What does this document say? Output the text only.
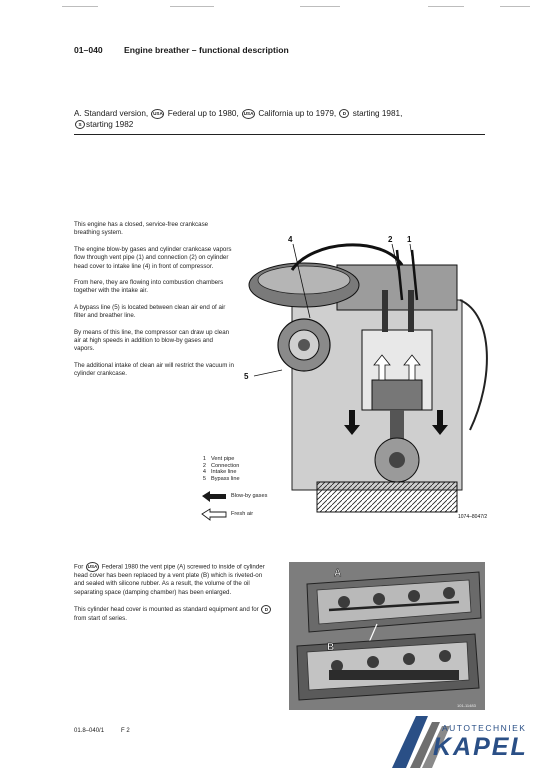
01–040 Engine breather – functional description
A. Standard version, USA Federal up to 1980, USA California up to 1979, D starting 1981,
S starting 1982

This engine has a closed, service-free crankcase breathing system.

The engine blow-by gases and cylinder crankcase vapors flow through vent pipe (1) and connection (2) on cylinder head cover to intake line (4) in front of compressor.

From here, they are flowing into combustion chambers together with the intake air.

A bypass line (5) is located between clean air end of air filter and breather line.

By means of this line, the compressor can draw up clean air at high speeds in addition to blow-by gases and vapors.

The additional intake of clean air will restrict the vacuum in cylinder crankcase.

1 Vent pipe
2 Connection
4 Intake line
5 Bypass line
Blow-by gases
Fresh air
4	2 1
5
1074–8047/2

For USA Federal 1980 the vent pipe (A) screwed to inside of cylinder head cover has been replaced by a vent plate (B) which is riveted-on and sealed with silicone rubber. As a result, the volume of the oil separating space (damping chamber) has been enlarged.

This cylinder head cover is mounted as standard equipment and for D from start of series.

A
B
101-11483
01.8–040/1	F 2	AUTOTECHNIEK
KAPEL
